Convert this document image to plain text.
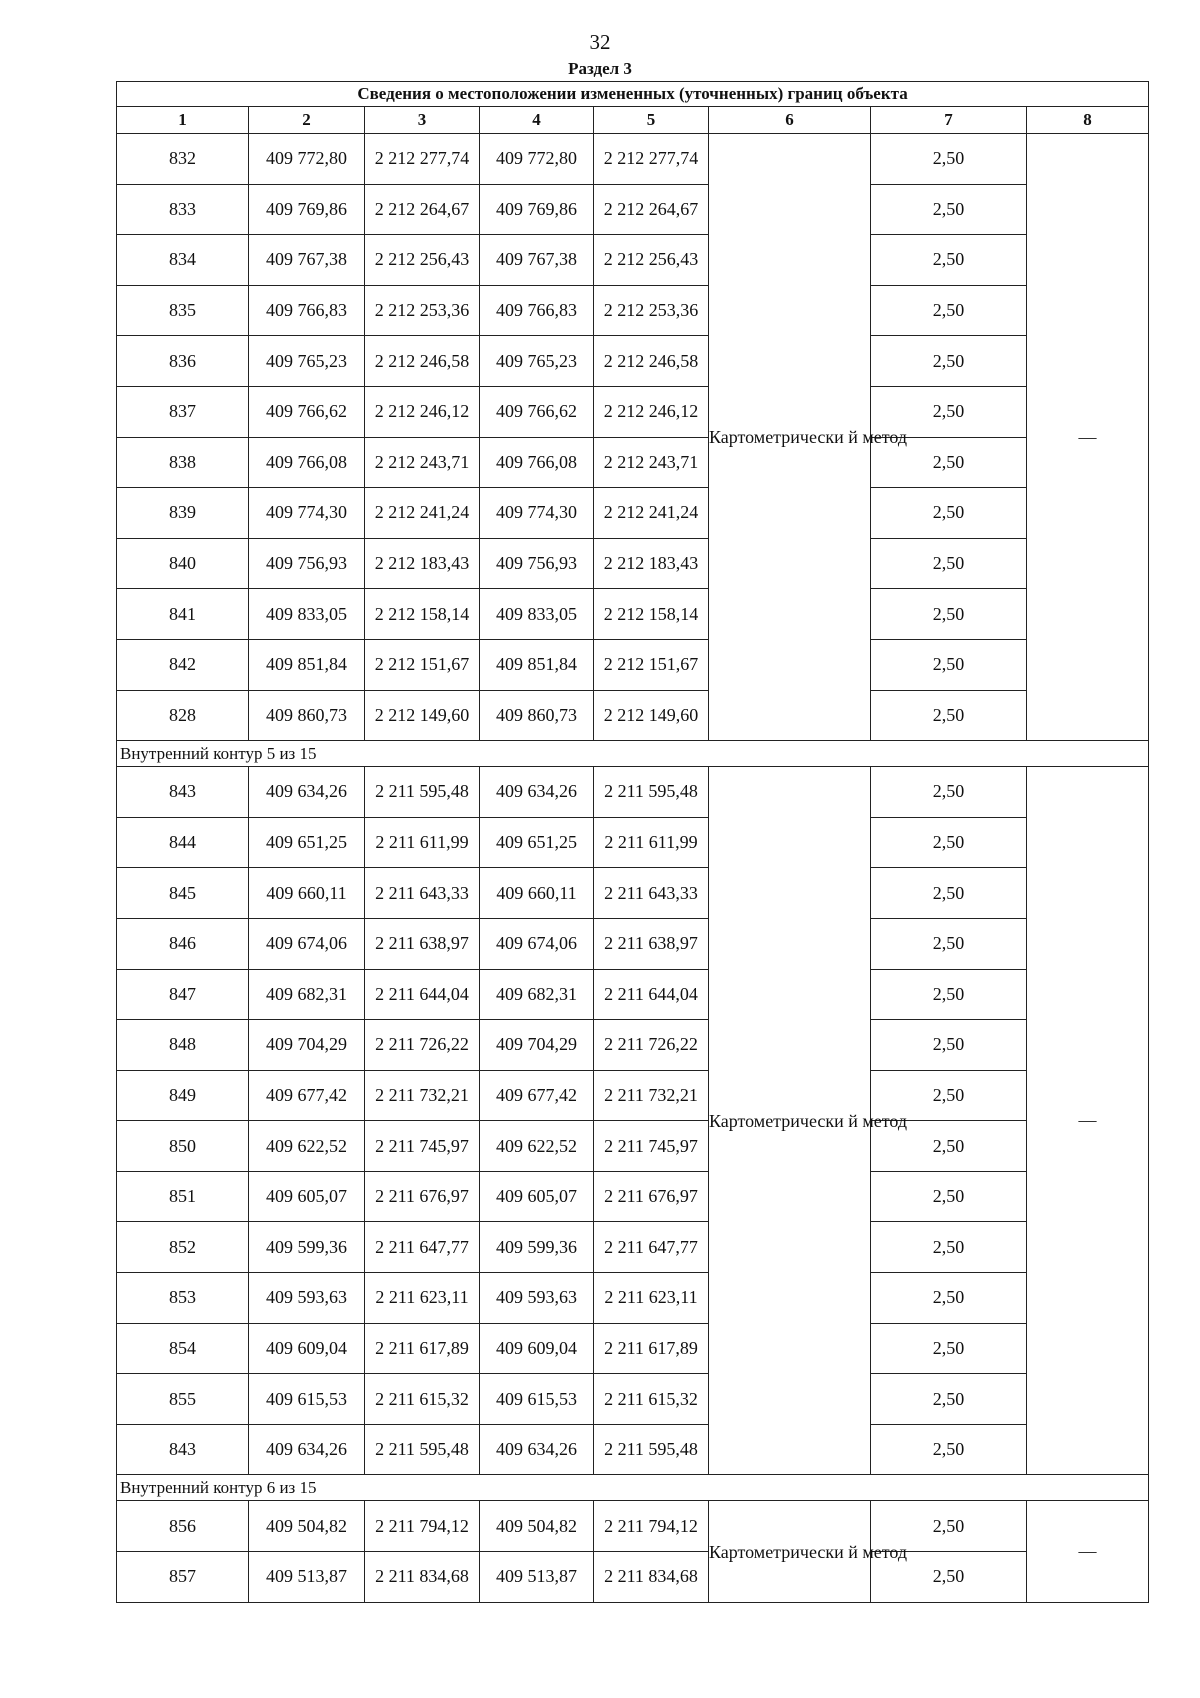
32
Раздел 3
Сведения о местоположении измененных (уточненных) границ объекта							
1	2	3	4	5	6	7	8
832	409 772,80	2 212 277,74	409 772,80	2 212 277,74	Картометрически й метод	2,50	—
833	409 769,86	2 212 264,67	409 769,86	2 212 264,67		2,50	
834	409 767,38	2 212 256,43	409 767,38	2 212 256,43		2,50	
835	409 766,83	2 212 253,36	409 766,83	2 212 253,36		2,50	
836	409 765,23	2 212 246,58	409 765,23	2 212 246,58		2,50	
837	409 766,62	2 212 246,12	409 766,62	2 212 246,12		2,50	
838	409 766,08	2 212 243,71	409 766,08	2 212 243,71		2,50	
839	409 774,30	2 212 241,24	409 774,30	2 212 241,24		2,50	
840	409 756,93	2 212 183,43	409 756,93	2 212 183,43		2,50	
841	409 833,05	2 212 158,14	409 833,05	2 212 158,14		2,50	
842	409 851,84	2 212 151,67	409 851,84	2 212 151,67		2,50	
828	409 860,73	2 212 149,60	409 860,73	2 212 149,60		2,50	
Внутренний контур 5 из 15							
843	409 634,26	2 211 595,48	409 634,26	2 211 595,48	Картометрически й метод	2,50	—
844	409 651,25	2 211 611,99	409 651,25	2 211 611,99		2,50	
845	409 660,11	2 211 643,33	409 660,11	2 211 643,33		2,50	
846	409 674,06	2 211 638,97	409 674,06	2 211 638,97		2,50	
847	409 682,31	2 211 644,04	409 682,31	2 211 644,04		2,50	
848	409 704,29	2 211 726,22	409 704,29	2 211 726,22		2,50	
849	409 677,42	2 211 732,21	409 677,42	2 211 732,21		2,50	
850	409 622,52	2 211 745,97	409 622,52	2 211 745,97		2,50	
851	409 605,07	2 211 676,97	409 605,07	2 211 676,97		2,50	
852	409 599,36	2 211 647,77	409 599,36	2 211 647,77		2,50	
853	409 593,63	2 211 623,11	409 593,63	2 211 623,11		2,50	
854	409 609,04	2 211 617,89	409 609,04	2 211 617,89		2,50	
855	409 615,53	2 211 615,32	409 615,53	2 211 615,32		2,50	
843	409 634,26	2 211 595,48	409 634,26	2 211 595,48		2,50	
Внутренний контур 6 из 15							
856	409 504,82	2 211 794,12	409 504,82	2 211 794,12	Картометрически й метод	2,50	—
857	409 513,87	2 211 834,68	409 513,87	2 211 834,68		2,50	
